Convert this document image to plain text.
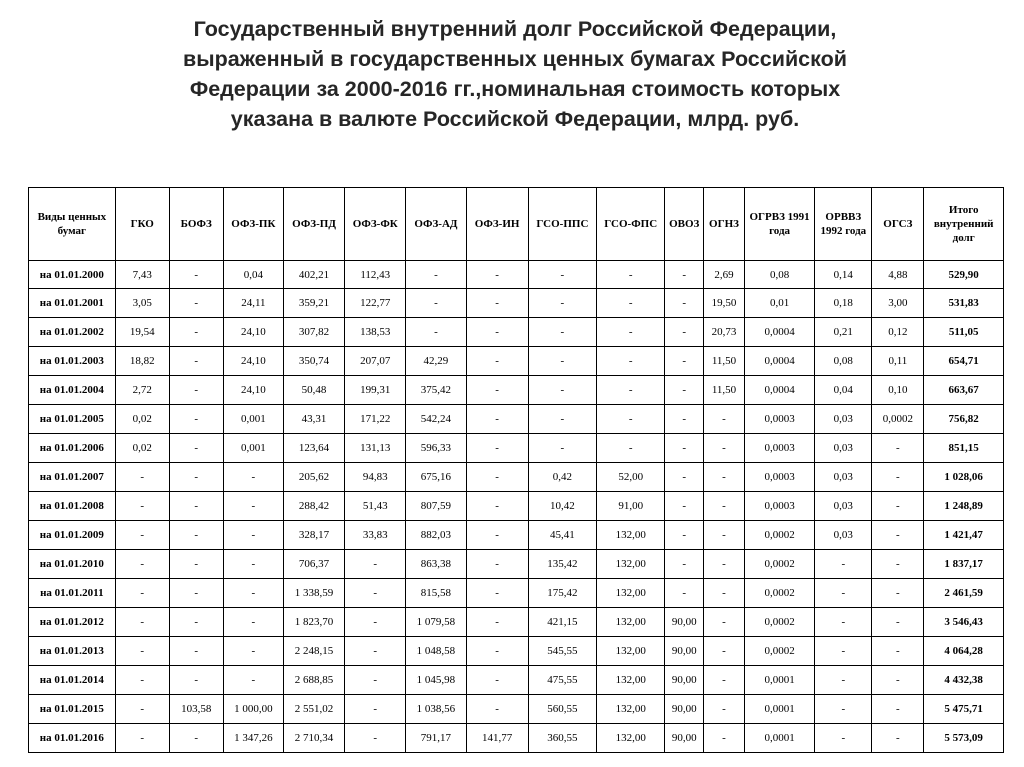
Государственный внутренний долг Российской Федерации,
выраженный в государственных ценных бумагах Российской
Федерации за 2000-2016 гг.,номинальная стоимость которых
указана в валюте Российской Федерации, млрд. руб.
Виды ценных бумаг	ГКО	БОФЗ	ОФЗ-ПК	ОФЗ-ПД	ОФЗ-ФК	ОФЗ-АД	ОФЗ-ИН	ГСО-ППС	ГСО-ФПС	ОВОЗ	ОГНЗ	ОГРВЗ 1991 года	ОРВВЗ 1992 года	ОГСЗ	Итого внутренний долг
на 01.01.2000	7,43	-	0,04	402,21	112,43	-	-	-	-	-	2,69	0,08	0,14	4,88	529,90
на 01.01.2001	3,05	-	24,11	359,21	122,77	-	-	-	-	-	19,50	0,01	0,18	3,00	531,83
на 01.01.2002	19,54	-	24,10	307,82	138,53	-	-	-	-	-	20,73	0,0004	0,21	0,12	511,05
на 01.01.2003	18,82	-	24,10	350,74	207,07	42,29	-	-	-	-	11,50	0,0004	0,08	0,11	654,71
на 01.01.2004	2,72	-	24,10	50,48	199,31	375,42	-	-	-	-	11,50	0,0004	0,04	0,10	663,67
на 01.01.2005	0,02	-	0,001	43,31	171,22	542,24	-	-	-	-	-	0,0003	0,03	0,0002	756,82
на 01.01.2006	0,02	-	0,001	123,64	131,13	596,33	-	-	-	-	-	0,0003	0,03	-	851,15
на 01.01.2007	-	-	-	205,62	94,83	675,16	-	0,42	52,00	-	-	0,0003	0,03	-	1 028,06
на 01.01.2008	-	-	-	288,42	51,43	807,59	-	10,42	91,00	-	-	0,0003	0,03	-	1 248,89
на 01.01.2009	-	-	-	328,17	33,83	882,03	-	45,41	132,00	-	-	0,0002	0,03	-	1 421,47
на 01.01.2010	-	-	-	706,37	-	863,38	-	135,42	132,00	-	-	0,0002	-	-	1 837,17
на 01.01.2011	-	-	-	1 338,59	-	815,58	-	175,42	132,00	-	-	0,0002	-	-	2 461,59
на 01.01.2012	-	-	-	1 823,70	-	1 079,58	-	421,15	132,00	90,00	-	0,0002	-	-	3 546,43
на 01.01.2013	-	-	-	2 248,15	-	1 048,58	-	545,55	132,00	90,00	-	0,0002	-	-	4 064,28
на 01.01.2014	-	-	-	2 688,85	-	1 045,98	-	475,55	132,00	90,00	-	0,0001	-	-	4 432,38
на 01.01.2015	-	103,58	1 000,00	2 551,02	-	1 038,56	-	560,55	132,00	90,00	-	0,0001	-	-	5 475,71
на 01.01.2016	-	-	1 347,26	2 710,34	-	791,17	141,77	360,55	132,00	90,00	-	0,0001	-	-	5 573,09
